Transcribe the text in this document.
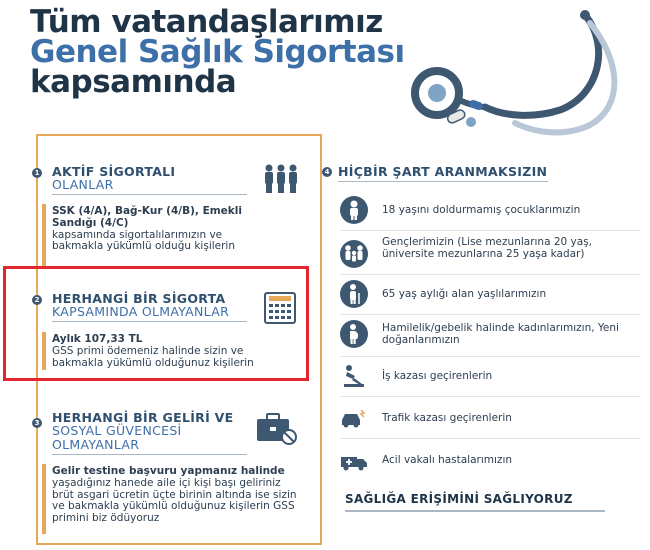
Tüm vatandaşlarımız
Genel Sağlık Sigortası
kapsamında
1 AKTİF SİGORTALI
OLANLAR
SSK (4/A), Bağ-Kur (4/B), Emekli Sandığı (4/C)
kapsamında sigortalılarımızın ve bakmakla yükümlü olduğu kişilerin
2 HERHANGİ BİR SİGORTA
KAPSAMINDA OLMAYANLAR
Aylık 107,33 TL
GSS primi ödemeniz halinde sizin ve bakmakla yükümlü olduğunuz kişilerin
3 HERHANGİ BİR GELİRİ VE
SOSYAL GÜVENCESİ OLMAYANLAR
Gelir testine başvuru yapmanız halinde
yaşadığınız hanede aile içi kişi başı geliriniz brüt asgari ücretin üçte birinin altında ise sizin ve bakmakla yükümlü olduğunuz kişilerin GSS primini biz ödüyoruz
4 HİÇBİR ŞART ARANMAKSIZIN
18 yaşını doldurmamış çocuklarımızin
Gençlerimizin (Lise mezunlarına 20 yaş, üniversite mezunlarına 25 yaşa kadar)
65 yaş aylığı alan yaşlılarımızın
Hamilelik/gebelik halinde kadınlarımızın, Yeni doğanlarımızın
İş kazası geçirenlerin
Trafik kazası geçirenlerin
Acil vakalı hastalarımızın
SAĞLIĞA ERİŞİMİNİ SAĞLIYORUZ
